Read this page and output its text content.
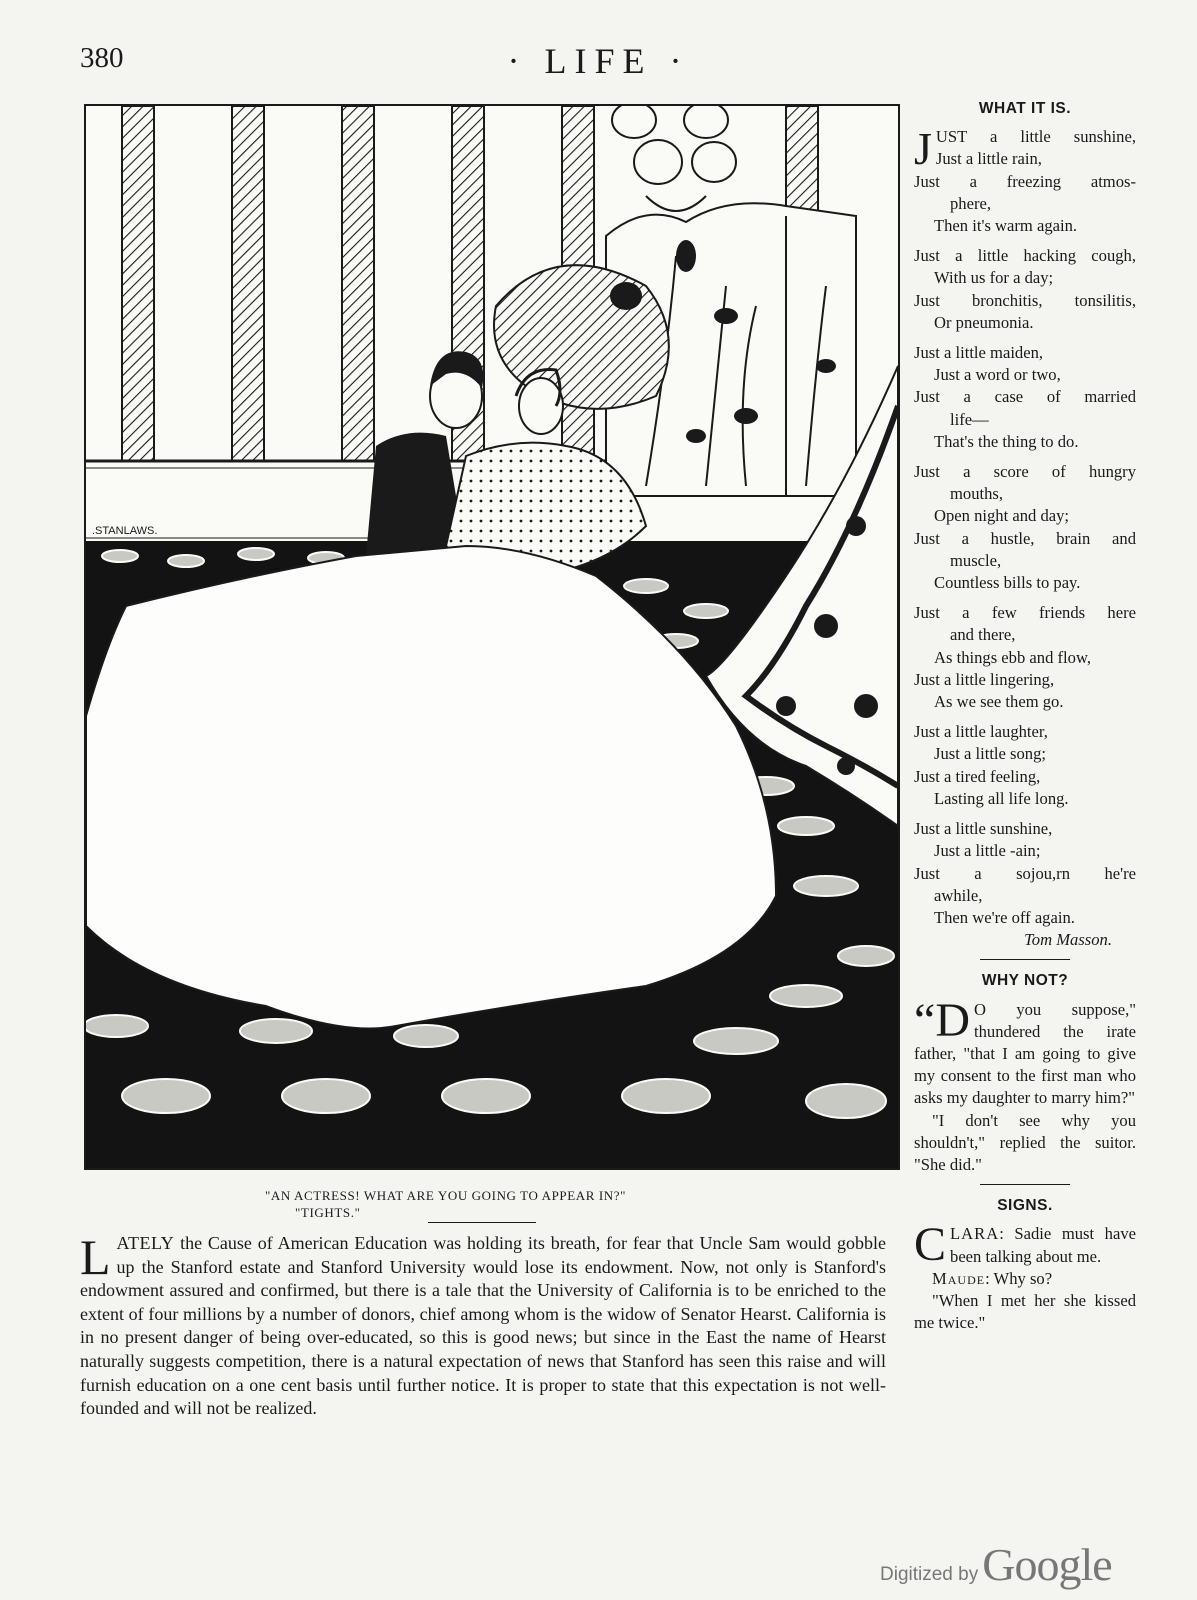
380	· LIFE ·
.STANLAWS.
"AN ACTRESS! WHAT ARE YOU GOING TO APPEAR IN?"
"TIGHTS."
LATELY the Cause of American Education was holding its breath, for fear that Uncle Sam would gobble up the Stanford estate and Stanford University would lose its endowment. Now, not only is Stanford's endowment assured and confirmed, but there is a tale that the University of California is to be enriched to the extent of four millions by a number of donors, chief among whom is the widow of Senator Hearst. California is in no present danger of being over-educated, so this is good news; but since in the East the name of Hearst naturally suggests competition, there is a natural expectation of news that Stanford has seen this raise and will furnish education on a one cent basis until further notice. It is proper to state that this expectation is not well-founded and will not be realized.
WHAT IT IS.
J UST a little sunshine,
Just a little rain,
Just a freezing atmos-
phere,
Then it's warm again.
Just a little hacking cough,
With us for a day;
Just bronchitis, tonsilitis,
Or pneumonia.
Just a little maiden,
Just a word or two,
Just a case of married
life—
That's the thing to do.
Just a score of hungry
mouths,
Open night and day;
Just a hustle, brain and
muscle,
Countless bills to pay.
Just a few friends here
and there,
As things ebb and flow,
Just a little lingering,
As we see them go.
Just a little laughter,
Just a little song;
Just a tired feeling,
Lasting all life long.
Just a little sunshine,
Just a little -ain;
Just a sojou,rn he're
awhile,
Then we're off again.
Tom Masson.
WHY NOT?
“D O you suppose," thundered the irate father, "that I am going to give my consent to the first man who asks my daughter to marry him?"
"I don't see why you shouldn't," replied the suitor. "She did."
SIGNS.
CLARA: Sadie must have been talking about me.
Maude: Why so?
"When I met her she kissed me twice."
Digitized by Google
